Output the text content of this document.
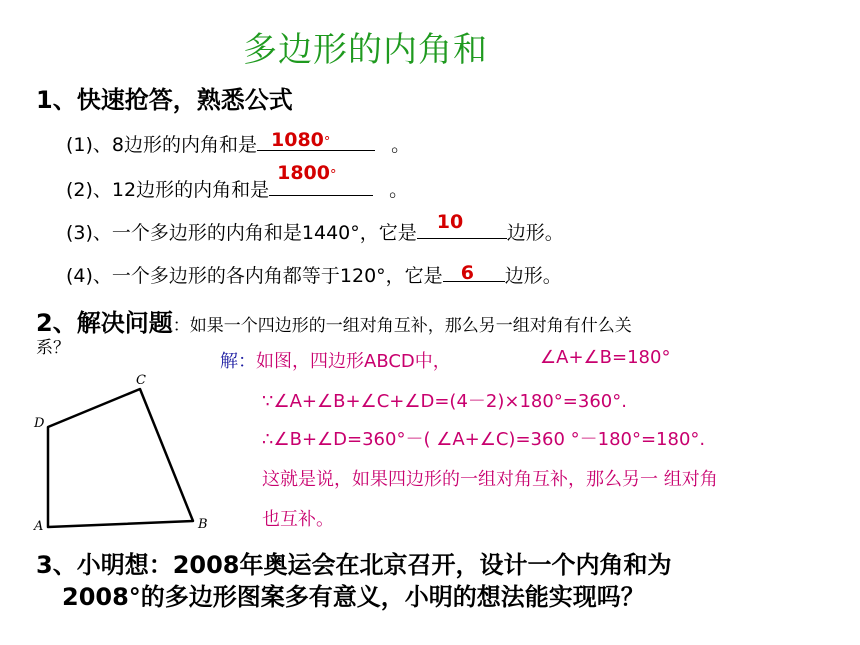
多边形的内角和
1、快速抢答，熟悉公式
(1)、8边形的内角和是 1080°	。
(2)、12边形的内角和是
1800°
。
(3)、一个多边形的内角和是1440°，它是 10 边形。
(4)、一个多边形的各内角都等于120°，它是 6 边形。
2、解决问题：如果一个四边形的一组对角互补，那么另一组对角有什么关
系？
A	B
C
D
解：如图，四边形ABCD中，	∠A+∠B=180°
∵∠A+∠B+∠C+∠D=(4－2)×180°=360°.
∴∠B+∠D=360°－( ∠A+∠C)=360 °－180°=180°.
这就是说，如果四边形的一组对角互补，那么另一 组对角
也互补。
3、小明想：2008年奥运会在北京召开，设计一个内角和为
2008°的多边形图案多有意义，小明的想法能实现吗？
